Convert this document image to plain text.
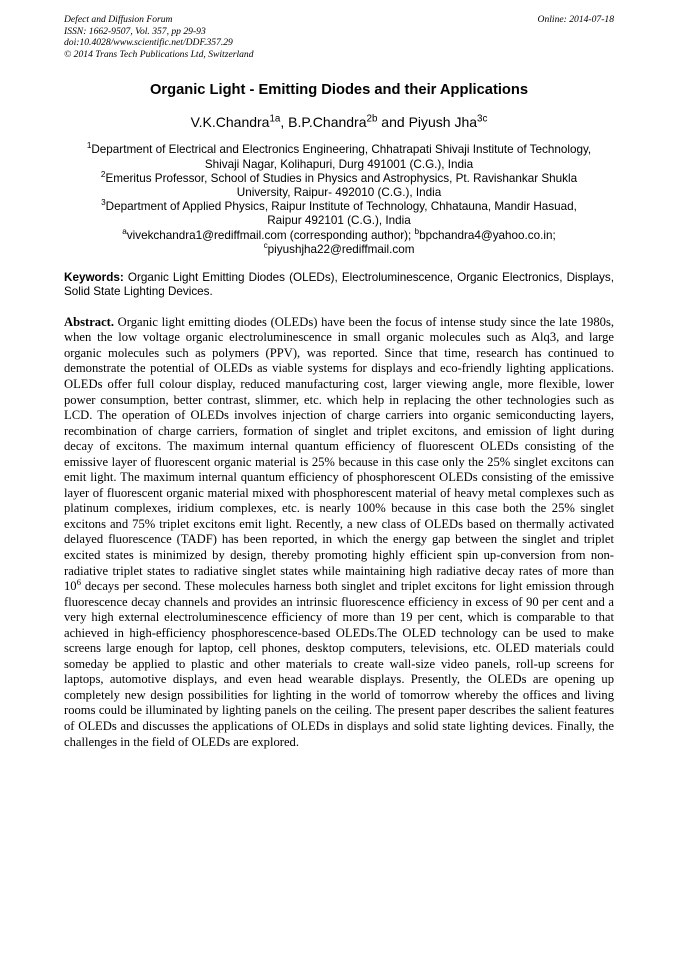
Defect and Diffusion Forum
ISSN: 1662-9507, Vol. 357, pp 29-93
doi:10.4028/www.scientific.net/DDF.357.29
© 2014 Trans Tech Publications Ltd, Switzerland
Online: 2014-07-18
Organic Light - Emitting Diodes and their Applications
V.K.Chandra$^{1a}$, B.P.Chandra$^{2b}$ and Piyush Jha$^{3c}$
$^1$Department of Electrical and Electronics Engineering, Chhatrapati Shivaji Institute of Technology,
Shivaji Nagar, Kolihapuri, Durg 491001 (C.G.), India
$^2$Emeritus Professor, School of Studies in Physics and Astrophysics, Pt. Ravishankar Shukla
University, Raipur- 492010 (C.G.), India
$^3$Department of Applied Physics, Raipur Institute of Technology, Chhatauna, Mandir Hasuad,
Raipur 492101 (C.G.), India
$^a$vivekchandra1@rediffmail.com (corresponding author); $^b$bpchandra4@yahoo.co.in;
$^c$piyushjha22@rediffmail.com
Keywords: Organic Light Emitting Diodes (OLEDs), Electroluminescence, Organic Electronics, Displays, Solid State Lighting Devices.
Abstract. Organic light emitting diodes (OLEDs) have been the focus of intense study since the late 1980s, when the low voltage organic electroluminescence in small organic molecules such as Alq3, and large organic molecules such as polymers (PPV), was reported. Since that time, research has continued to demonstrate the potential of OLEDs as viable systems for displays and eco-friendly lighting applications. OLEDs offer full colour display, reduced manufacturing cost, larger viewing angle, more flexible, lower power consumption, better contrast, slimmer, etc. which help in replacing the other technologies such as LCD. The operation of OLEDs involves injection of charge carriers into organic semiconducting layers, recombination of charge carriers, formation of singlet and triplet excitons, and emission of light during decay of excitons. The maximum internal quantum efficiency of fluorescent OLEDs consisting of the emissive layer of fluorescent organic material is 25% because in this case only the 25% singlet excitons can emit light. The maximum internal quantum efficiency of phosphorescent OLEDs consisting of the emissive layer of fluorescent organic material mixed with phosphorescent material of heavy metal complexes such as platinum complexes, iridium complexes, etc. is nearly 100% because in this case both the 25% singlet excitons and 75% triplet excitons emit light. Recently, a new class of OLEDs based on thermally activated delayed fluorescence (TADF) has been reported, in which the energy gap between the singlet and triplet excited states is minimized by design, thereby promoting highly efficient spin up-conversion from non-radiative triplet states to radiative singlet states while maintaining high radiative decay rates of more than $10^6$ decays per second. These molecules harness both singlet and triplet excitons for light emission through fluorescence decay channels and provides an intrinsic fluorescence efficiency in excess of 90 per cent and a very high external electroluminescence efficiency of more than 19 per cent, which is comparable to that achieved in high-efficiency phosphorescence-based OLEDs.The OLED technology can be used to make screens large enough for laptop, cell phones, desktop computers, televisions, etc. OLED materials could someday be applied to plastic and other materials to create wall-size video panels, roll-up screens for laptops, automotive displays, and even head wearable displays. Presently, the OLEDs are opening up completely new design possibilities for lighting in the world of tomorrow whereby the offices and living rooms could be illuminated by lighting panels on the ceiling. The present paper describes the salient features of OLEDs and discusses the applications of OLEDs in displays and solid state lighting devices. Finally, the challenges in the field of OLEDs are explored.
